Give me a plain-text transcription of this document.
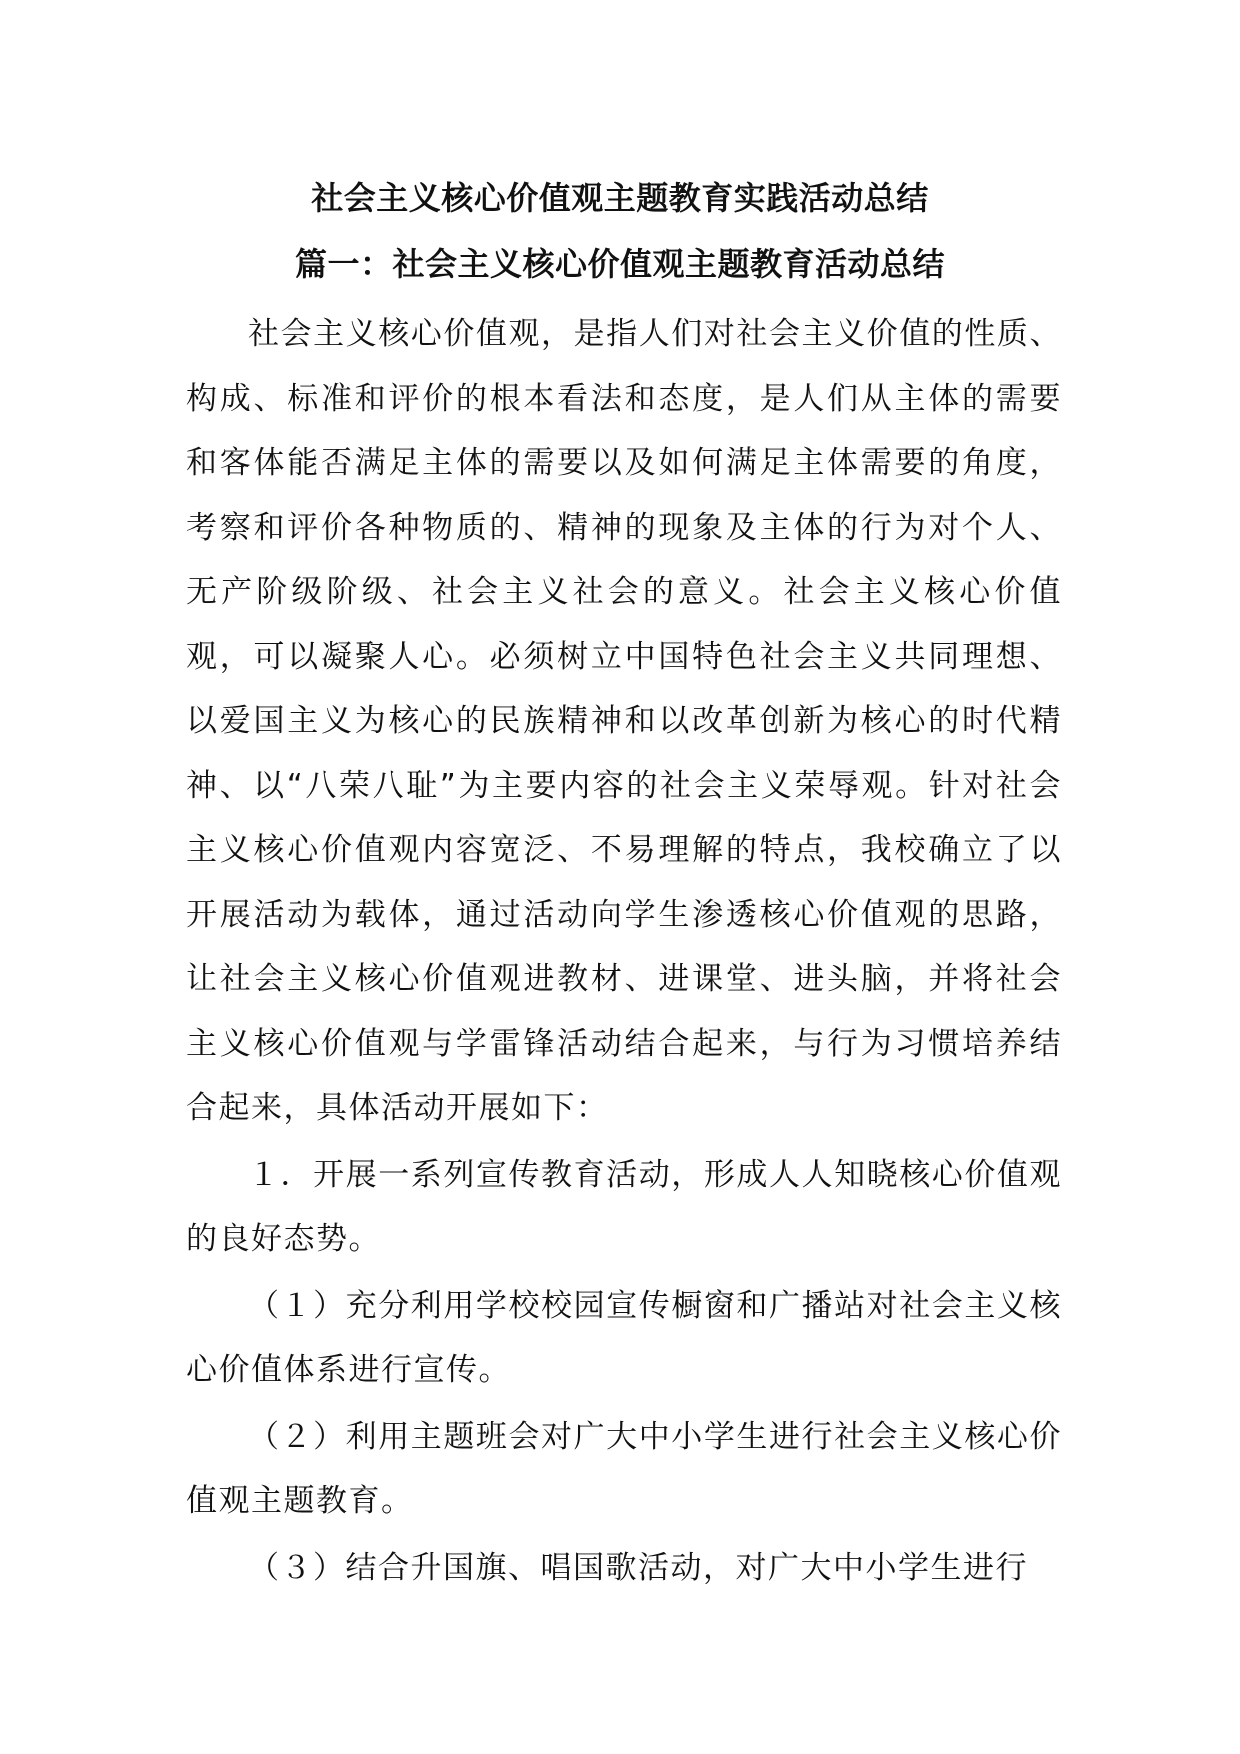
社会主义核心价值观主题教育实践活动总结
篇一：社会主义核心价值观主题教育活动总结

社会主义核心价值观，是指人们对社会主义价值的性质、构成、标准和评价的根本看法和态度，是人们从主体的需要和客体能否满足主体的需要以及如何满足主体需要的角度，考察和评价各种物质的、精神的现象及主体的行为对个人、无产阶级阶级、社会主义社会的意义。社会主义核心价值观，可以凝聚人心。必须树立中国特色社会主义共同理想、以爱国主义为核心的民族精神和以改革创新为核心的时代精神、以“八荣八耻”为主要内容的社会主义荣辱观。针对社会主义核心价值观内容宽泛、不易理解的特点，我校确立了以开展活动为载体，通过活动向学生渗透核心价值观的思路，让社会主义核心价值观进教材、进课堂、进头脑，并将社会主义核心价值观与学雷锋活动结合起来，与行为习惯培养结合起来，具体活动开展如下：

１．开展一系列宣传教育活动，形成人人知晓核心价值观的良好态势。

（１）充分利用学校校园宣传橱窗和广播站对社会主义核心价值体系进行宣传。

（２）利用主题班会对广大中小学生进行社会主义核心价值观主题教育。

（３）结合升国旗、唱国歌活动，对广大中小学生进行
